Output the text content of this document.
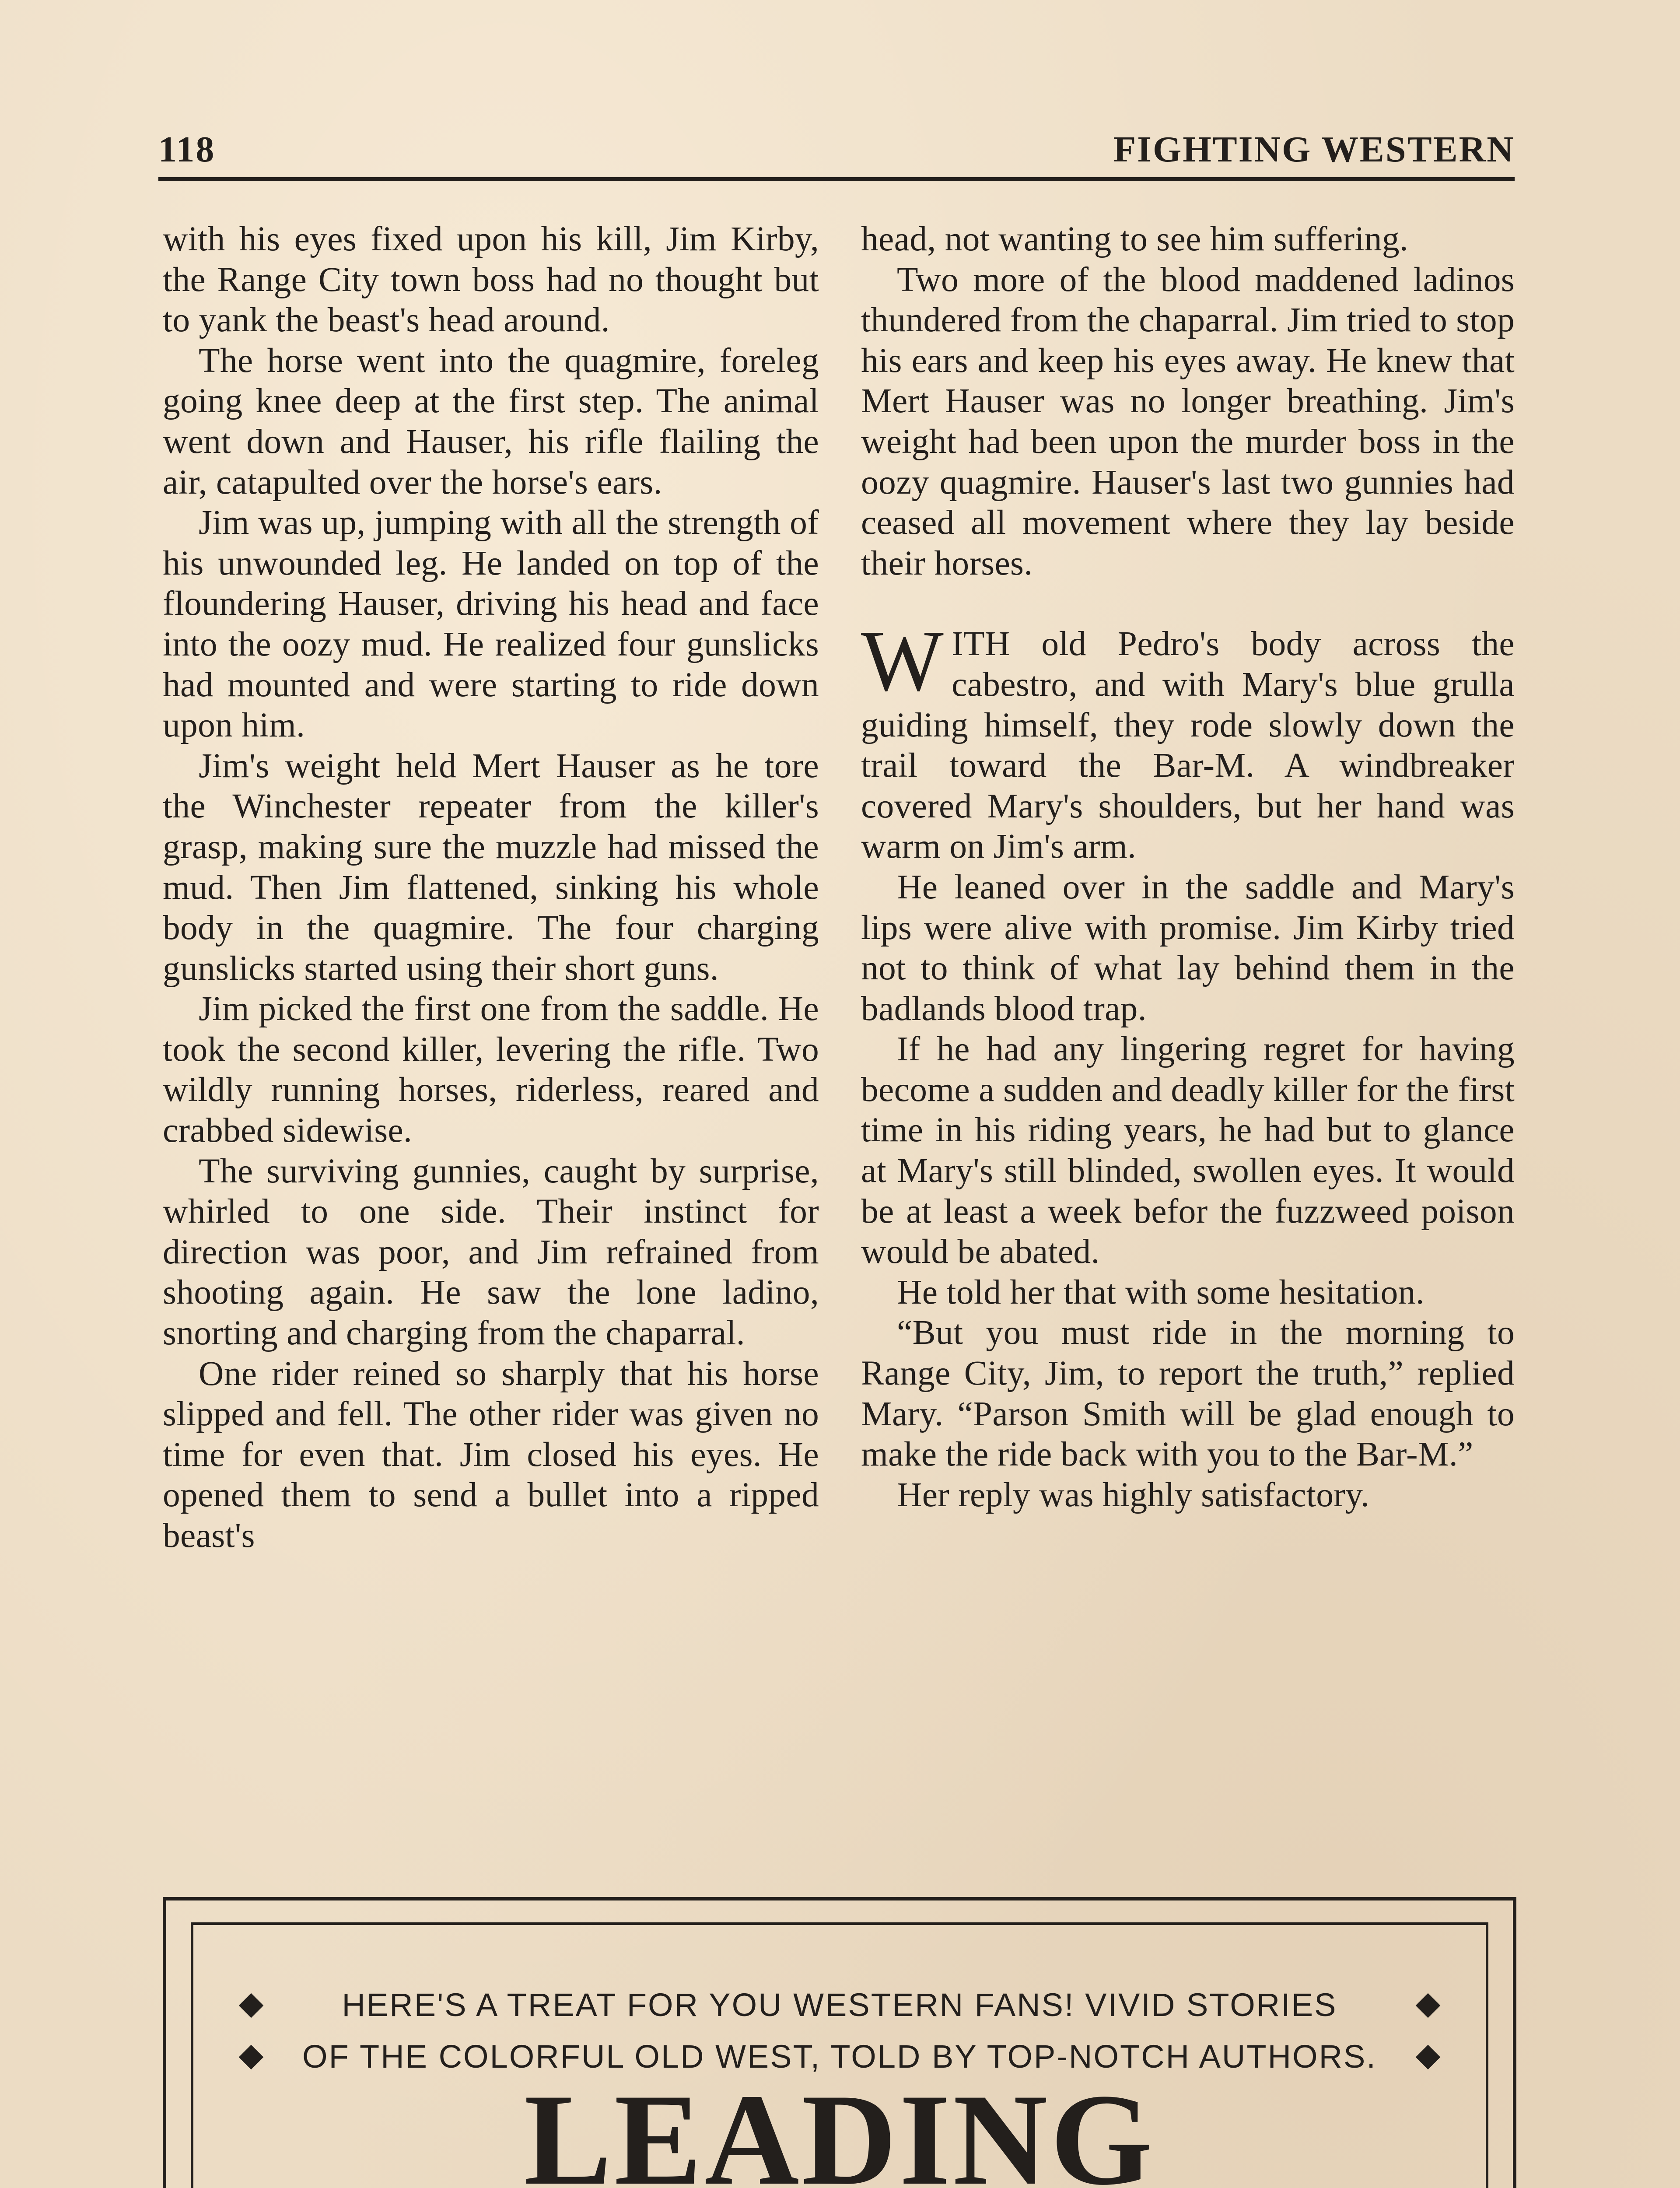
118	FIGHTING WESTERN

with his eyes fixed upon his kill, Jim Kirby, the Range City town boss had no thought but to yank the beast's head around.

The horse went into the quagmire, foreleg going knee deep at the first step. The animal went down and Hauser, his rifle flailing the air, catapulted over the horse's ears.

Jim was up, jumping with all the strength of his unwounded leg. He landed on top of the floundering Hauser, driving his head and face into the oozy mud. He realized four gunslicks had mounted and were starting to ride down upon him.

Jim's weight held Mert Hauser as he tore the Winchester repeater from the killer's grasp, making sure the muzzle had missed the mud. Then Jim flattened, sinking his whole body in the quagmire. The four charging gunslicks started using their short guns.

Jim picked the first one from the saddle. He took the second killer, levering the rifle. Two wildly running horses, riderless, reared and crabbed sidewise.

The surviving gunnies, caught by surprise, whirled to one side. Their instinct for direction was poor, and Jim refrained from shooting again. He saw the lone ladino, snorting and charging from the chaparral.

One rider reined so sharply that his horse slipped and fell. The other rider was given no time for even that. Jim closed his eyes. He opened them to send a bullet into a ripped beast's

head, not wanting to see him suffering.

Two more of the blood maddened ladinos thundered from the chaparral. Jim tried to stop his ears and keep his eyes away. He knew that Mert Hauser was no longer breathing. Jim's weight had been upon the murder boss in the oozy quagmire. Hauser's last two gunnies had ceased all movement where they lay beside their horses.

WITH old Pedro's body across the cabestro, and with Mary's blue grulla guiding himself, they rode slowly down the trail toward the Bar-M. A windbreaker covered Mary's shoulders, but her hand was warm on Jim's arm.

He leaned over in the saddle and Mary's lips were alive with promise. Jim Kirby tried not to think of what lay behind them in the badlands blood trap.

If he had any lingering regret for having become a sudden and deadly killer for the first time in his riding years, he had but to glance at Mary's still blinded, swollen eyes. It would be at least a week befor the fuzzweed poison would be abated.

He told her that with some hesitation.

“But you must ride in the morning to Range City, Jim, to report the truth,” replied Mary. “Parson Smith will be glad enough to make the ride back with you to the Bar-M.”

Her reply was highly satisfactory.

HERE'S A TREAT FOR YOU WESTERN FANS! VIVID STORIES
OF THE COLORFUL OLD WEST, TOLD BY TOP-NOTCH AUTHORS.
LEADING
